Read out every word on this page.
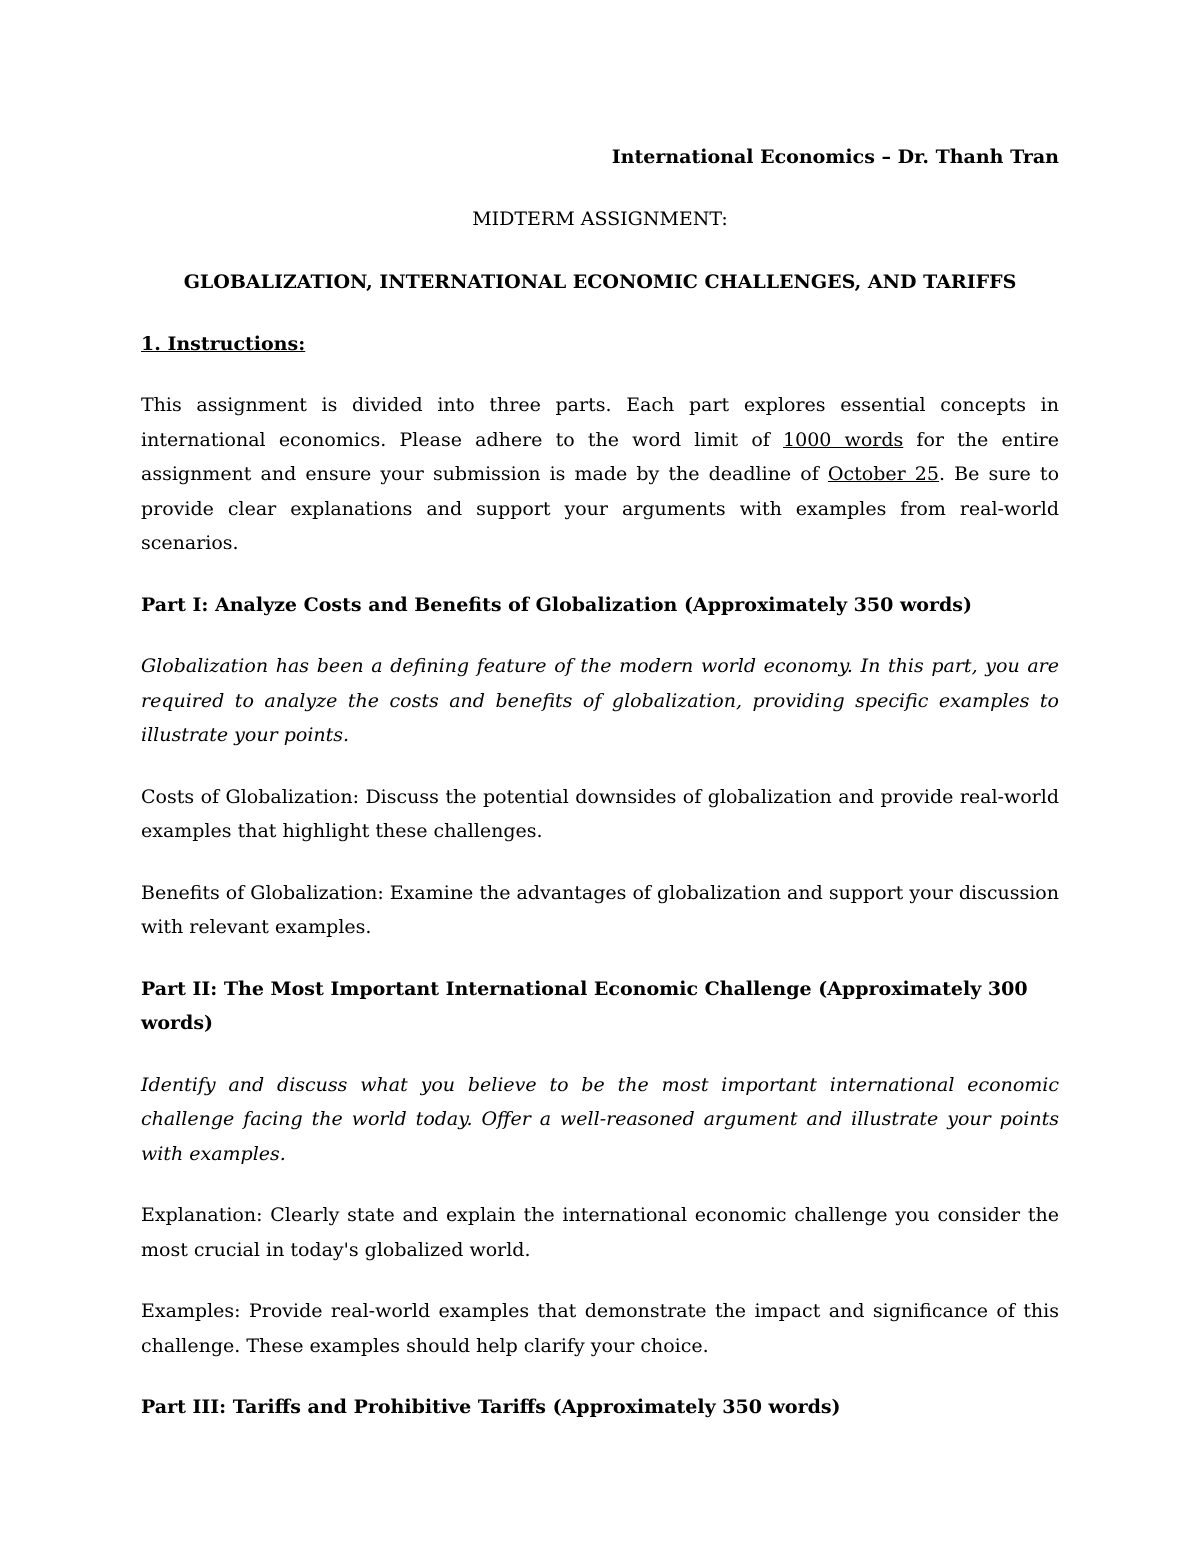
International Economics – Dr. Thanh Tran

MIDTERM ASSIGNMENT:

GLOBALIZATION, INTERNATIONAL ECONOMIC CHALLENGES, AND TARIFFS

1. Instructions:

This assignment is divided into three parts. Each part explores essential concepts in international economics. Please adhere to the word limit of 1000 words for the entire assignment and ensure your submission is made by the deadline of October 25. Be sure to provide clear explanations and support your arguments with examples from real-world scenarios.

Part I: Analyze Costs and Benefits of Globalization (Approximately 350 words)

Globalization has been a defining feature of the modern world economy. In this part, you are required to analyze the costs and benefits of globalization, providing specific examples to illustrate your points.

Costs of Globalization: Discuss the potential downsides of globalization and provide real-world examples that highlight these challenges.

Benefits of Globalization: Examine the advantages of globalization and support your discussion with relevant examples.

Part II: The Most Important International Economic Challenge (Approximately 300 words)

Identify and discuss what you believe to be the most important international economic challenge facing the world today. Offer a well-reasoned argument and illustrate your points with examples.

Explanation: Clearly state and explain the international economic challenge you consider the most crucial in today's globalized world.

Examples: Provide real-world examples that demonstrate the impact and significance of this challenge. These examples should help clarify your choice.

Part III: Tariffs and Prohibitive Tariffs (Approximately 350 words)
